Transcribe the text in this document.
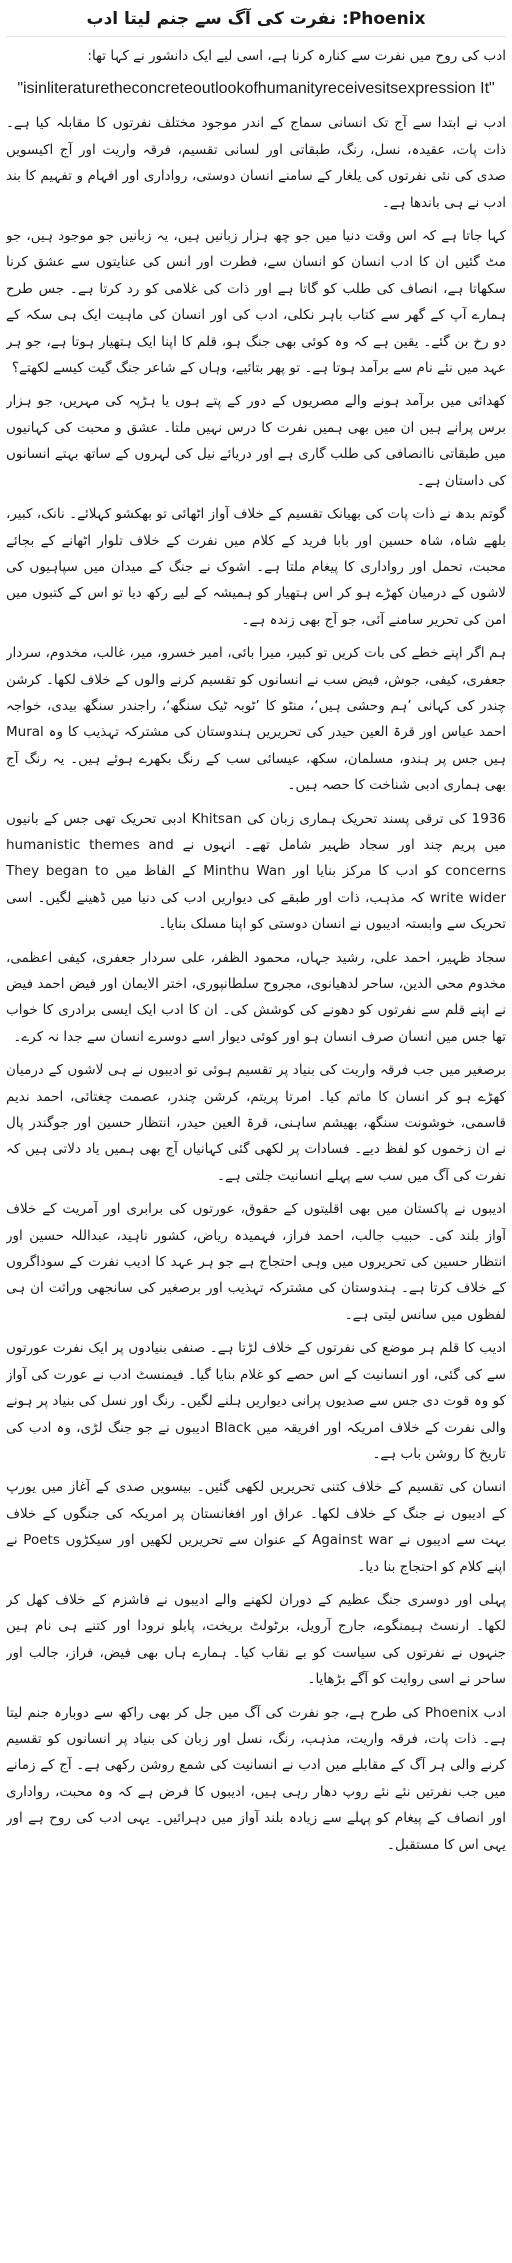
Phoenix: نفرت کی آگ سے جنم لیتا ادب

ادب کی روح میں نفرت سے کنارہ کرنا ہے، اسی لیے ایک دانشور نے کہا تھا:

"isinliteraturetheconcreteoutlookofhumanityreceivesitsexpression It"

ادب نے ابتدا سے آج تک انسانی سماج کے اندر موجود مختلف نفرتوں کا مقابلہ کیا ہے۔ ذات پات، عقیدہ، نسل، رنگ، طبقاتی اور لسانی تقسیم، فرقہ واریت اور آج اکیسویں صدی کی نئی نفرتوں کی یلغار کے سامنے انسان دوستی، رواداری اور افہام و تفہیم کا بند ادب نے ہی باندھا ہے۔

کہا جاتا ہے کہ اس وقت دنیا میں جو چھ ہزار زبانیں ہیں، یہ زبانیں جو موجود ہیں، جو مٹ گئیں ان کا ادب انسان کو انسان سے، فطرت اور انس کی عنایتوں سے عشق کرنا سکھاتا ہے، انصاف کی طلب کو گاتا ہے اور ذات کی غلامی کو رد کرتا ہے۔ جس طرح ہمارے آپ کے گھر سے کتاب باہر نکلی، ادب کی اور انسان کی ماہیت ایک ہی سکہ کے دو رخ بن گئے۔ یقین ہے کہ وہ کوئی بھی جنگ ہو، قلم کا اپنا ایک ہتھیار ہوتا ہے، جو ہر عہد میں نئے نام سے برآمد ہوتا ہے۔ تو پھر بتائیے، وہاں کے شاعر جنگ گیت کیسے لکھتے؟

کھدائی میں برآمد ہونے والے مصریوں کے دور کے پتے ہوں یا ہڑپہ کی مہریں، جو ہزار برس پرانے ہیں ان میں بھی ہمیں نفرت کا درس نہیں ملتا۔ عشق و محبت کی کہانیوں میں طبقاتی ناانصافی کی طلب گاری ہے اور دریائے نیل کی لہروں کے ساتھ بہتے انسانوں کی داستان ہے۔

گوتم بدھ نے ذات پات کی بھیانک تقسیم کے خلاف آواز اٹھائی تو بھکشو کہلائے۔ نانک، کبیر، بلھے شاہ، شاہ حسین اور بابا فرید کے کلام میں نفرت کے خلاف تلوار اٹھانے کے بجائے محبت، تحمل اور رواداری کا پیغام ملتا ہے۔ اشوک نے جنگ کے میدان میں سپاہیوں کی لاشوں کے درمیان کھڑے ہو کر اس ہتھیار کو ہمیشہ کے لیے رکھ دیا تو اس کے کتبوں میں امن کی تحریر سامنے آئی، جو آج بھی زندہ ہے۔

ہم اگر اپنے خطے کی بات کریں تو کبیر، میرا بائی، امیر خسرو، میر، غالب، مخدوم، سردار جعفری، کیفی، جوش، فیض سب نے انسانوں کو تقسیم کرنے والوں کے خلاف لکھا۔ کرشن چندر کی کہانی ’ہم وحشی ہیں‘، منٹو کا ’ٹوبہ ٹیک سنگھ‘، راجندر سنگھ بیدی، خواجہ احمد عباس اور قرۃ العین حیدر کی تحریریں ہندوستان کی مشترکہ تہذیب کا وہ Mural ہیں جس پر ہندو، مسلمان، سکھ، عیسائی سب کے رنگ بکھرے ہوئے ہیں۔ یہ رنگ آج بھی ہماری ادبی شناخت کا حصہ ہیں۔

1936 کی ترقی پسند تحریک ہماری زبان کی Khitsan ادبی تحریک تھی جس کے بانیوں میں پریم چند اور سجاد ظہیر شامل تھے۔ انہوں نے humanistic themes and concerns کو ادب کا مرکز بنایا اور Minthu Wan کے الفاظ میں They began to write wider کہ مذہب، ذات اور طبقے کی دیواریں ادب کی دنیا میں ڈھینے لگیں۔ اسی تحریک سے وابستہ ادیبوں نے انسان دوستی کو اپنا مسلک بنایا۔

سجاد ظہیر، احمد علی، رشید جہاں، محمود الظفر، علی سردار جعفری، کیفی اعظمی، مخدوم محی الدین، ساحر لدھیانوی، مجروح سلطانپوری، اختر الایمان اور فیض احمد فیض نے اپنے قلم سے نفرتوں کو دھونے کی کوشش کی۔ ان کا ادب ایک ایسی برادری کا خواب تھا جس میں انسان صرف انسان ہو اور کوئی دیوار اسے دوسرے انسان سے جدا نہ کرے۔

برصغیر میں جب فرقہ واریت کی بنیاد پر تقسیم ہوئی تو ادیبوں نے ہی لاشوں کے درمیان کھڑے ہو کر انسان کا ماتم کیا۔ امرتا پریتم، کرشن چندر، عصمت چغتائی، احمد ندیم قاسمی، خوشونت سنگھ، بھیشم ساہنی، قرۃ العین حیدر، انتظار حسین اور جوگندر پال نے ان زخموں کو لفظ دیے۔ فسادات پر لکھی گئی کہانیاں آج بھی ہمیں یاد دلاتی ہیں کہ نفرت کی آگ میں سب سے پہلے انسانیت جلتی ہے۔

ادیبوں نے پاکستان میں بھی اقلیتوں کے حقوق، عورتوں کی برابری اور آمریت کے خلاف آواز بلند کی۔ حبیب جالب، احمد فراز، فہمیدہ ریاض، کشور ناہید، عبداللہ حسین اور انتظار حسین کی تحریروں میں وہی احتجاج ہے جو ہر عہد کا ادیب نفرت کے سوداگروں کے خلاف کرتا ہے۔ ہندوستان کی مشترکہ تہذیب اور برصغیر کی سانجھی وراثت ان ہی لفظوں میں سانس لیتی ہے۔

ادیب کا قلم ہر موضع کی نفرتوں کے خلاف لڑتا ہے۔ صنفی بنیادوں پر ایک نفرت عورتوں سے کی گئی، اور انسانیت کے اس حصے کو غلام بنایا گیا۔ فیمنسٹ ادب نے عورت کی آواز کو وہ قوت دی جس سے صدیوں پرانی دیواریں ہلنے لگیں۔ رنگ اور نسل کی بنیاد پر ہونے والی نفرت کے خلاف امریکہ اور افریقہ میں Black ادیبوں نے جو جنگ لڑی، وہ ادب کی تاریخ کا روشن باب ہے۔

انسان کی تقسیم کے خلاف کتنی تحریریں لکھی گئیں۔ بیسویں صدی کے آغاز میں یورپ کے ادیبوں نے جنگ کے خلاف لکھا۔ عراق اور افغانستان پر امریکہ کی جنگوں کے خلاف بہت سے ادیبوں نے Against war کے عنوان سے تحریریں لکھیں اور سیکڑوں Poets نے اپنے کلام کو احتجاج بنا دیا۔

پہلی اور دوسری جنگ عظیم کے دوران لکھنے والے ادیبوں نے فاشزم کے خلاف کھل کر لکھا۔ ارنسٹ ہیمنگوے، جارج آرویل، برٹولٹ بریخت، پابلو نرودا اور کتنے ہی نام ہیں جنہوں نے نفرتوں کی سیاست کو بے نقاب کیا۔ ہمارے ہاں بھی فیض، فراز، جالب اور ساحر نے اسی روایت کو آگے بڑھایا۔

ادب Phoenix کی طرح ہے، جو نفرت کی آگ میں جل کر بھی راکھ سے دوبارہ جنم لیتا ہے۔ ذات پات، فرقہ واریت، مذہب، رنگ، نسل اور زبان کی بنیاد پر انسانوں کو تقسیم کرنے والی ہر آگ کے مقابلے میں ادب نے انسانیت کی شمع روشن رکھی ہے۔ آج کے زمانے میں جب نفرتیں نئے نئے روپ دھار رہی ہیں، ادیبوں کا فرض ہے کہ وہ محبت، رواداری اور انصاف کے پیغام کو پہلے سے زیادہ بلند آواز میں دہرائیں۔ یہی ادب کی روح ہے اور یہی اس کا مستقبل۔
